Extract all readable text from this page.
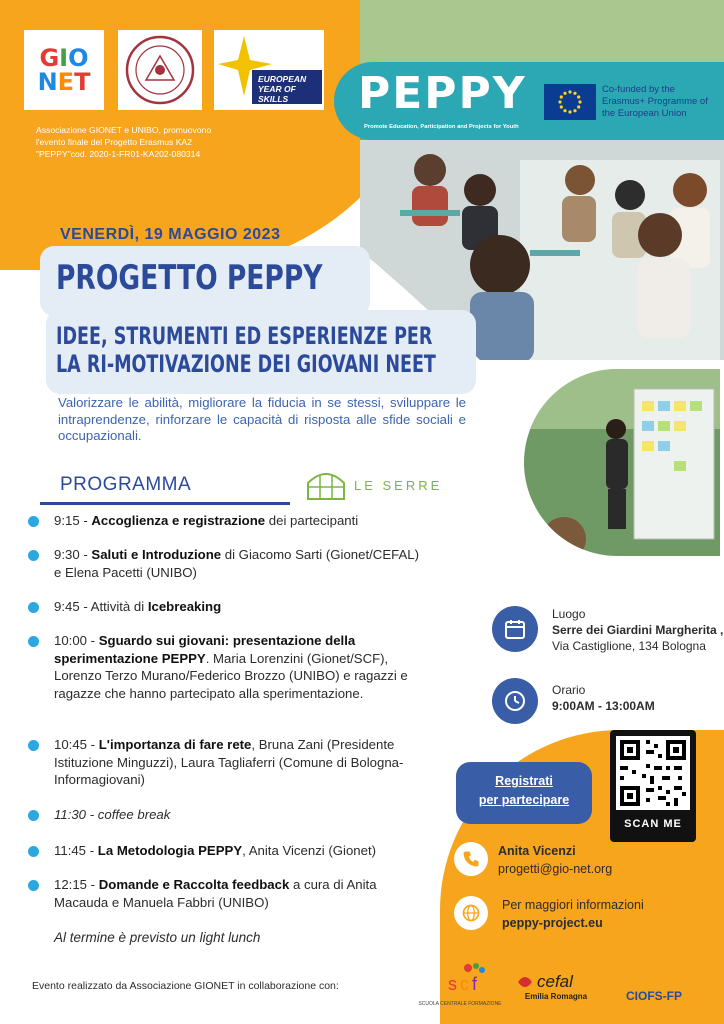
GIO
NET	EUROPEAN
YEAR OF
SKILLS
Associazione GIONET e UNIBO, promuovono l'evento finale del Progetto Erasmus KA2 "PEPPY"cod. 2020-1-FR01-KA202-080314
PEPPY
Promote Education, Participation and Projects for Youth
Co-funded by the Erasmus+ Programme of the European Union
VENERDÌ, 19 MAGGIO 2023
PROGETTO PEPPY
IDEE, STRUMENTI ED ESPERIENZE PER
LA RI-MOTIVAZIONE DEI GIOVANI NEET
Valorizzare le abilità, migliorare la fiducia in se stessi, sviluppare le intraprendenze, rinforzare le capacità di risposta alle sfide sociali e occupazionali.
PROGRAMMA	LE SERRE
9:15 - Accoglienza e registrazione dei partecipanti
9:30 - Saluti e Introduzione di Giacomo Sarti (Gionet/CEFAL) e Elena Pacetti (UNIBO)
9:45 - Attività di Icebreaking
10:00 - Sguardo sui giovani: presentazione della sperimentazione PEPPY. Maria Lorenzini (Gionet/SCF), Lorenzo Terzo Murano/Federico Brozzo (UNIBO) e ragazzi e ragazze che hanno partecipato alla sperimentazione.
10:45 - L'importanza di fare rete, Bruna Zani (Presidente Istituzione Minguzzi), Laura Tagliaferri (Comune di Bologna- Informagiovani)
11:30 - coffee break
11:45 - La Metodologia PEPPY, Anita Vicenzi (Gionet)
12:15 - Domande e Raccolta feedback a cura di Anita Macauda e Manuela Fabbri (UNIBO)
Al termine è previsto un light lunch
Luogo
Serre dei Giardini Margherita , Via Castiglione, 134 Bologna
Orario
9:00AM - 13:00AM
Registrati
per partecipare
SCAN ME
Anita Vicenzi
progetti@gio-net.org
Per maggiori informazioni
peppy-project.eu
Evento realizzato da Associazione GIONET in collaborazione con:	s c f
SCUOLA CENTRALE FORMAZIONE
cefal
Emilia Romagna	CIOFS-FP
